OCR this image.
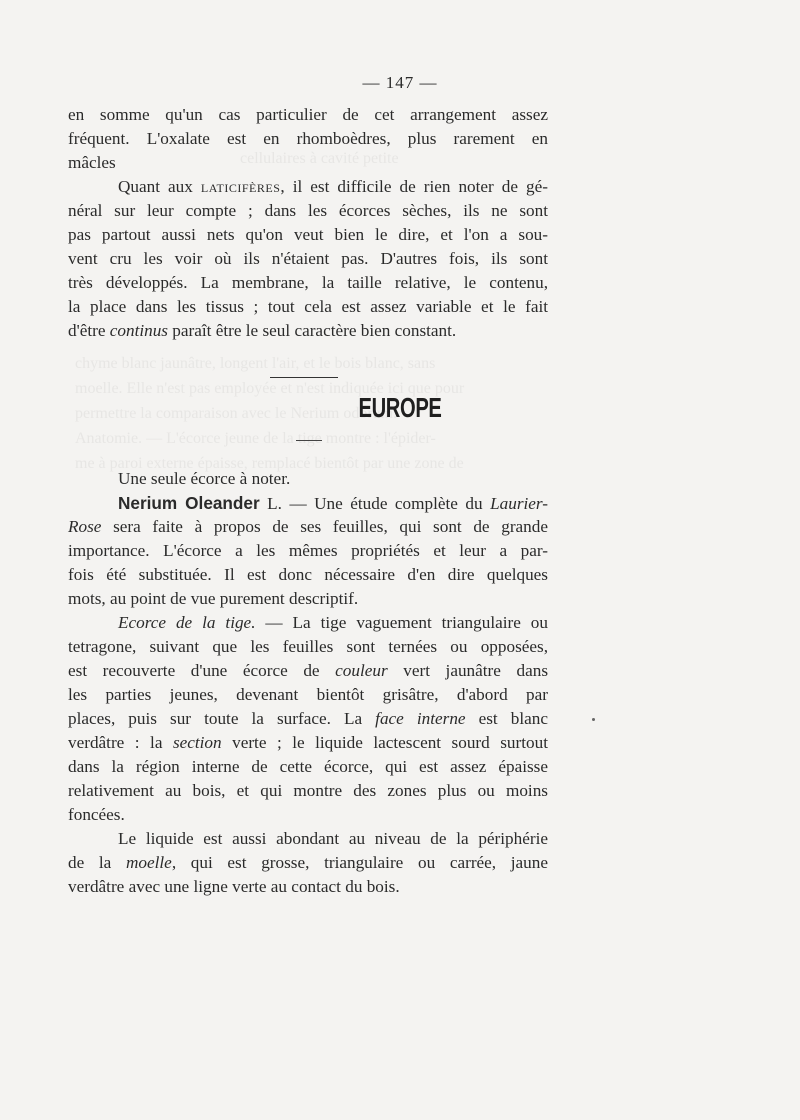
cellulaires à cavité petite
chyme blanc jaunâtre, longent l'air, et le bois blanc, sans
moelle. Elle n'est pas employée et n'est indiquée ici que pour
permettre la comparaison avec le Nerium odorum.
Anatomie. — L'écorce jeune de la tige montre : l'épider-
me à paroi externe épaisse, remplacé bientôt par une zone de
— 147 —
en somme qu'un cas particulier de cet arrangement assez
fréquent. L'oxalate est en rhomboèdres, plus rarement en
mâcles
Quant aux laticifères, il est difficile de rien noter de gé-
néral sur leur compte ; dans les écorces sèches, ils ne sont
pas partout aussi nets qu'on veut bien le dire, et l'on a sou-
vent cru les voir où ils n'étaient pas. D'autres fois, ils sont
très développés. La membrane, la taille relative, le contenu,
la place dans les tissus ; tout cela est assez variable et le fait
d'être continus paraît être le seul caractère bien constant.
EUROPE
Une seule écorce à noter.
Nerium Oleander L. — Une étude complète du Laurier-
Rose sera faite à propos de ses feuilles, qui sont de grande
importance. L'écorce a les mêmes propriétés et leur a par-
fois été substituée. Il est donc nécessaire d'en dire quelques
mots, au point de vue purement descriptif.
Ecorce de la tige. — La tige vaguement triangulaire ou
tetragone, suivant que les feuilles sont ternées ou opposées,
est recouverte d'une écorce de couleur vert jaunâtre dans
les parties jeunes, devenant bientôt grisâtre, d'abord par
places, puis sur toute la surface. La face interne est blanc
verdâtre : la section verte ; le liquide lactescent sourd surtout
dans la région interne de cette écorce, qui est assez épaisse
relativement au bois, et qui montre des zones plus ou moins
foncées.
Le liquide est aussi abondant au niveau de la périphérie
de la moelle, qui est grosse, triangulaire ou carrée, jaune
verdâtre avec une ligne verte au contact du bois.
